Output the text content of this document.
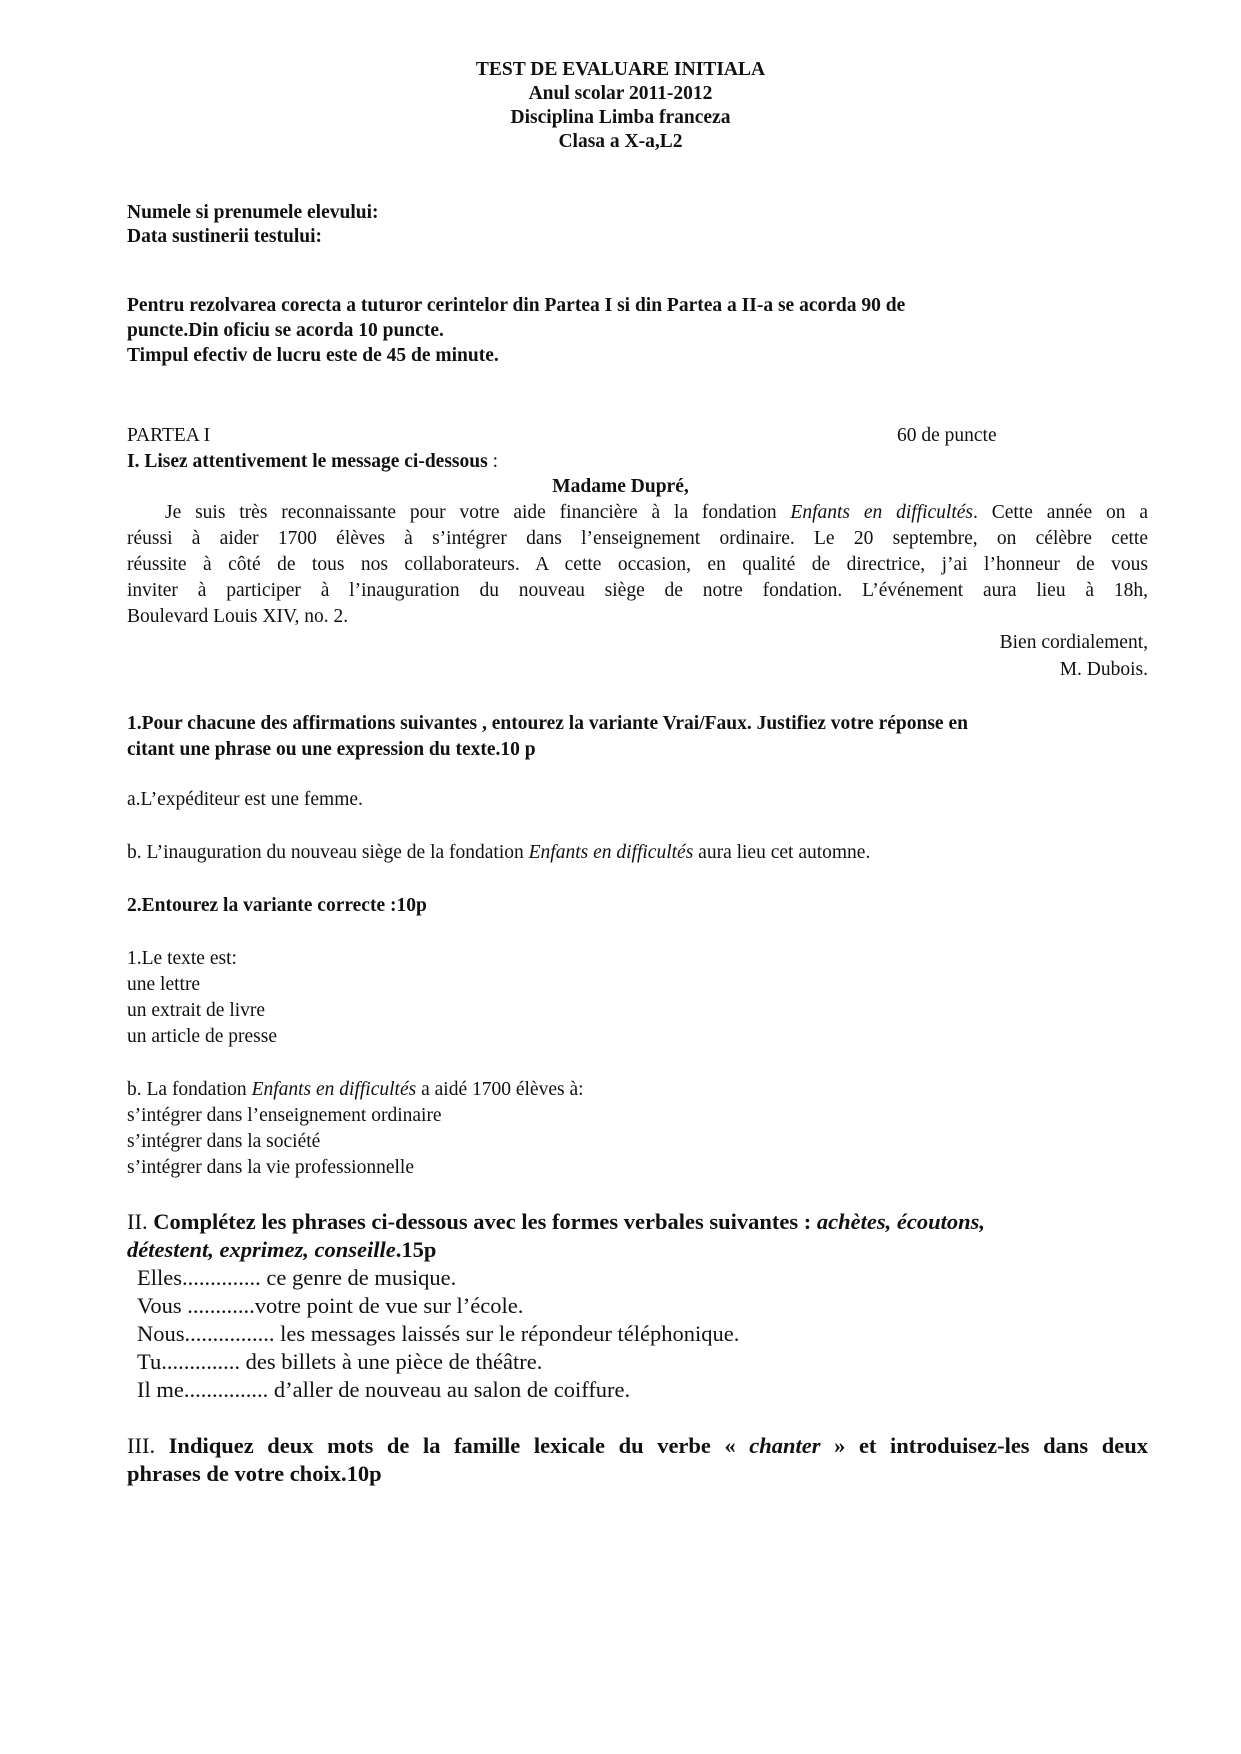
TEST DE EVALUARE INITIALA
Anul scolar 2011-2012
Disciplina Limba franceza
Clasa a X-a,L2
Numele si prenumele elevului:
Data sustinerii testului:
Pentru rezolvarea corecta a tuturor cerintelor din Partea I si din Partea a II-a se acorda 90 de
puncte.Din oficiu se acorda 10 puncte.
Timpul efectiv de lucru este de 45 de minute.
PARTEA I	60 de puncte
I. Lisez attentivement le message ci-dessous :
Madame Dupré,
Je suis très reconnaissante pour votre aide financière à la fondation Enfants en difficultés. Cette année on a
réussi à aider 1700 élèves à s’intégrer dans l’enseignement ordinaire. Le 20 septembre, on célèbre cette
réussite à côté de tous nos collaborateurs. A cette occasion, en qualité de directrice, j’ai l’honneur de vous
inviter à participer à l’inauguration du nouveau siège de notre fondation. L’événement aura lieu à 18h,
Boulevard Louis XIV, no. 2.
Bien cordialement,
M. Dubois.
1.Pour chacune des affirmations suivantes , entourez la variante Vrai/Faux. Justifiez votre réponse en
citant une phrase ou une expression du texte.10 p
a.L’expéditeur est une femme.
b. L’inauguration du nouveau siège de la fondation Enfants en difficultés aura lieu cet automne.
2.Entourez la variante correcte :10p
1.Le texte est:
une lettre
un extrait de livre
un article de presse
b. La fondation Enfants en difficultés a aidé 1700 élèves à:
s’intégrer dans l’enseignement ordinaire
s’intégrer dans la société
s’intégrer dans la vie professionnelle
II. Complétez les phrases ci-dessous avec les formes verbales suivantes : achètes, écoutons,
détestent, exprimez, conseille.15p
Elles.............. ce genre de musique.
Vous ............votre point de vue sur l’école.
Nous................ les messages laissés sur le répondeur téléphonique.
Tu.............. des billets à une pièce de théâtre.
Il me............... d’aller de nouveau au salon de coiffure.
III. Indiquez deux mots de la famille lexicale du verbe « chanter » et introduisez-les dans deux
phrases de votre choix.10p
